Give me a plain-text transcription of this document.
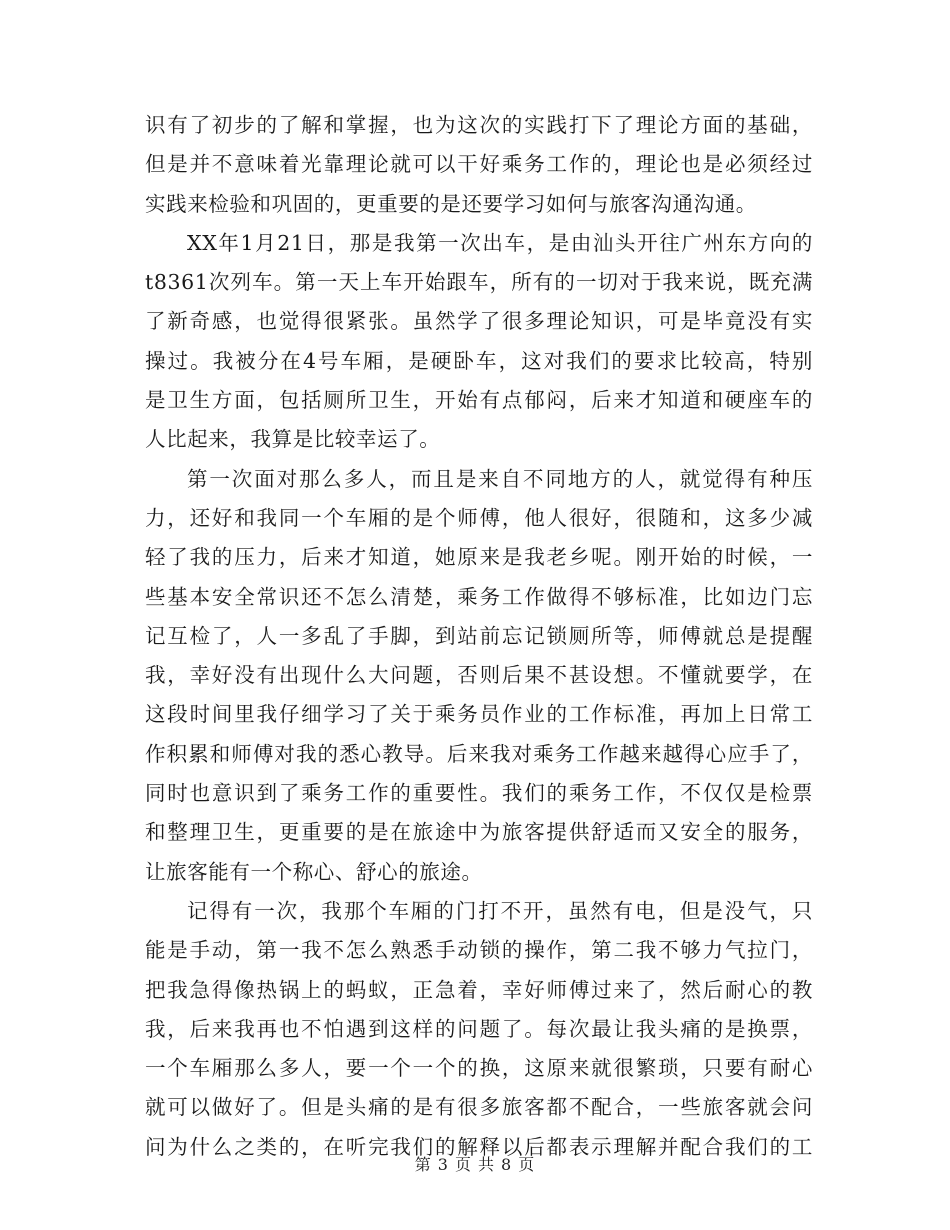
识有了初步的了解和掌握，也为这次的实践打下了理论方面的基础，
但是并不意味着光靠理论就可以干好乘务工作的，理论也是必须经过
实践来检验和巩固的，更重要的是还要学习如何与旅客沟通沟通。
XX年1月21日，那是我第一次出车，是由汕头开往广州东方向的
t8361次列车。第一天上车开始跟车，所有的一切对于我来说，既充满
了新奇感，也觉得很紧张。虽然学了很多理论知识，可是毕竟没有实
操过。我被分在4号车厢，是硬卧车，这对我们的要求比较高，特别
是卫生方面，包括厕所卫生，开始有点郁闷，后来才知道和硬座车的
人比起来，我算是比较幸运了。
第一次面对那么多人，而且是来自不同地方的人，就觉得有种压
力，还好和我同一个车厢的是个师傅，他人很好，很随和，这多少减
轻了我的压力，后来才知道，她原来是我老乡呢。刚开始的时候，一
些基本安全常识还不怎么清楚，乘务工作做得不够标准，比如边门忘
记互检了，人一多乱了手脚，到站前忘记锁厕所等，师傅就总是提醒
我，幸好没有出现什么大问题，否则后果不甚设想。不懂就要学，在
这段时间里我仔细学习了关于乘务员作业的工作标准，再加上日常工
作积累和师傅对我的悉心教导。后来我对乘务工作越来越得心应手了，
同时也意识到了乘务工作的重要性。我们的乘务工作，不仅仅是检票
和整理卫生，更重要的是在旅途中为旅客提供舒适而又安全的服务，
让旅客能有一个称心、舒心的旅途。
记得有一次，我那个车厢的门打不开，虽然有电，但是没气，只
能是手动，第一我不怎么熟悉手动锁的操作，第二我不够力气拉门，
把我急得像热锅上的蚂蚁，正急着，幸好师傅过来了，然后耐心的教
我，后来我再也不怕遇到这样的问题了。每次最让我头痛的是换票，
一个车厢那么多人，要一个一个的换，这原来就很繁琐，只要有耐心
就可以做好了。但是头痛的是有很多旅客都不配合，一些旅客就会问
问为什么之类的，在听完我们的解释以后都表示理解并配合我们的工
第 3 页 共 8 页
